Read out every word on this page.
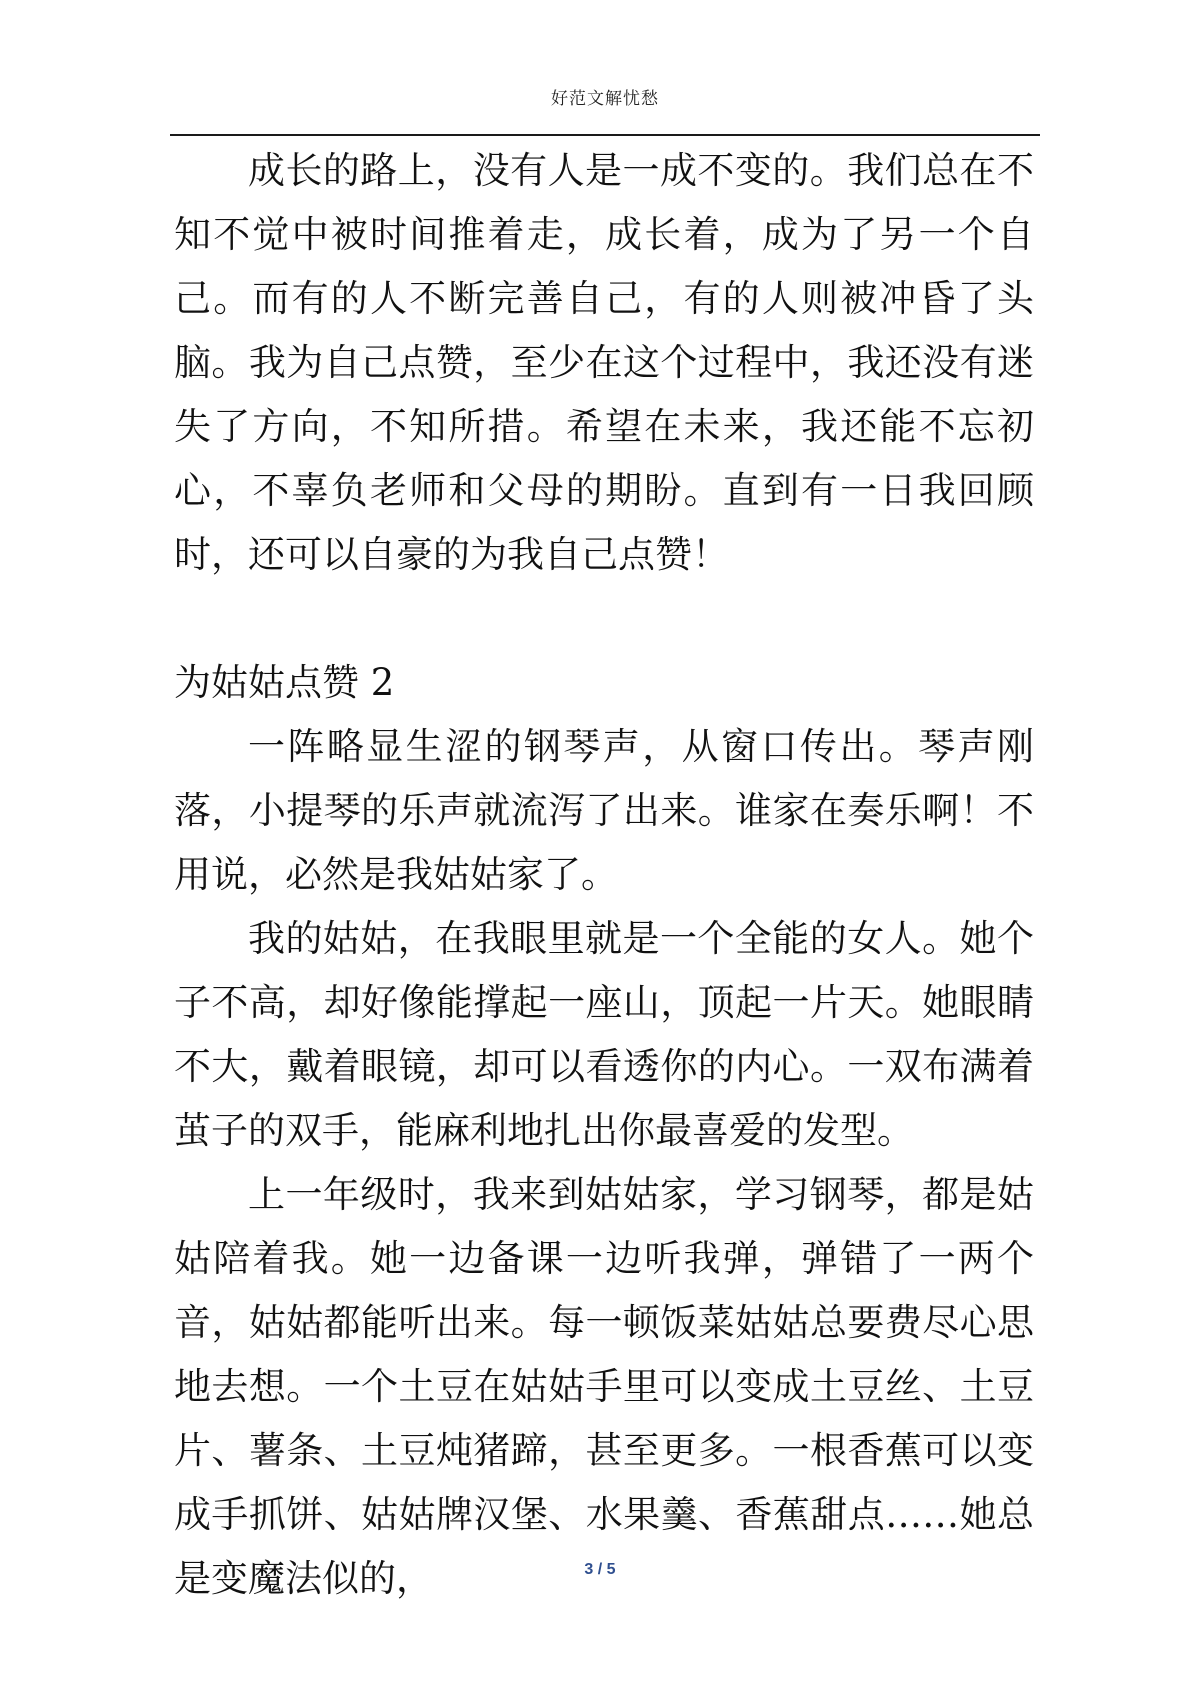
好范文解忧愁

成长的路上，没有人是一成不变的。我们总在不知不觉中被时间推着走，成长着，成为了另一个自己。而有的人不断完善自己，有的人则被冲昏了头脑。我为自己点赞，至少在这个过程中，我还没有迷失了方向，不知所措。希望在未来，我还能不忘初心，不辜负老师和父母的期盼。直到有一日我回顾时，还可以自豪的为我自己点赞！

为姑姑点赞 2

一阵略显生涩的钢琴声，从窗口传出。琴声刚落，小提琴的乐声就流泻了出来。谁家在奏乐啊！不用说，必然是我姑姑家了。

我的姑姑，在我眼里就是一个全能的女人。她个子不高，却好像能撑起一座山，顶起一片天。她眼睛不大，戴着眼镜，却可以看透你的内心。一双布满着茧子的双手，能麻利地扎出你最喜爱的发型。

上一年级时，我来到姑姑家，学习钢琴，都是姑姑陪着我。她一边备课一边听我弹，弹错了一两个音，姑姑都能听出来。每一顿饭菜姑姑总要费尽心思地去想。一个土豆在姑姑手里可以变成土豆丝、土豆片、薯条、土豆炖猪蹄，甚至更多。一根香蕉可以变成手抓饼、姑姑牌汉堡、水果羹、香蕉甜点……她总是变魔法似的，	3 / 5
